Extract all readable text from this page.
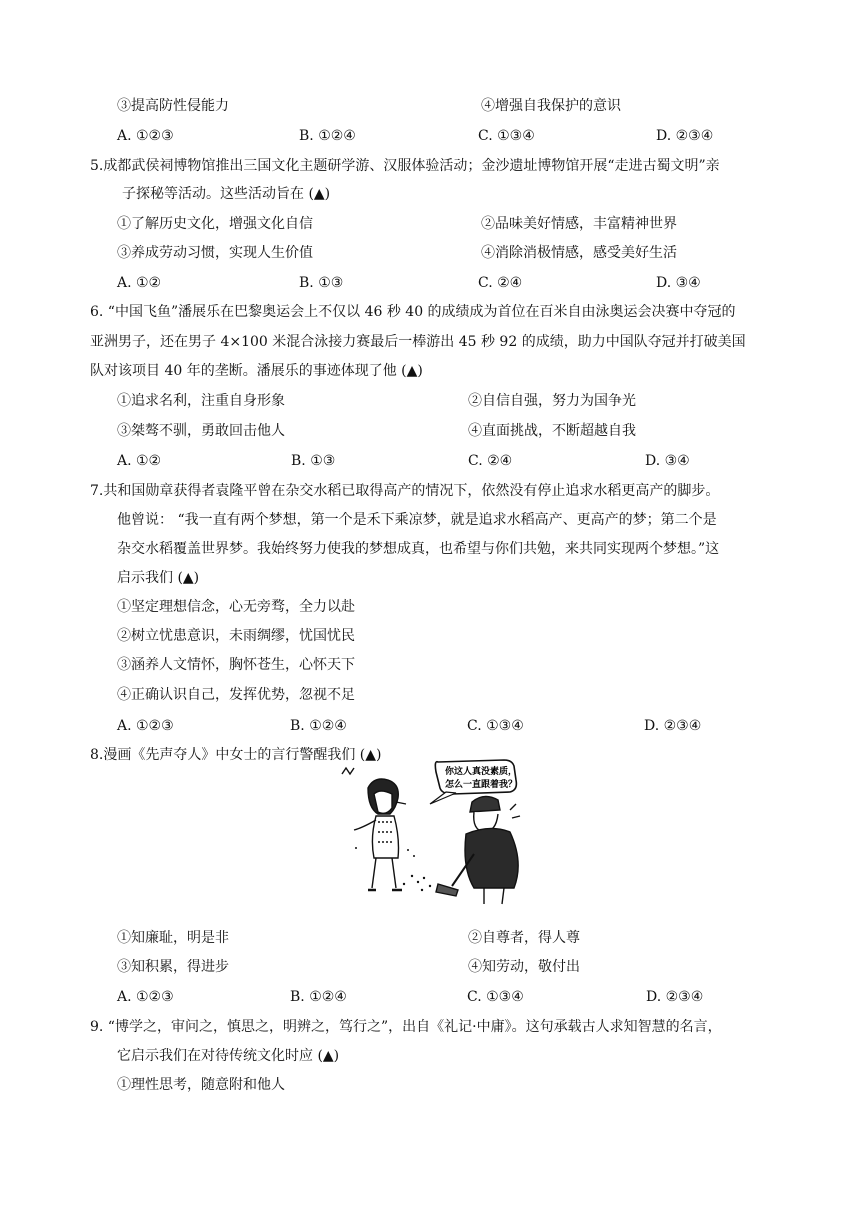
③提高防性侵能力	④增强自我保护的意识
A. ①②③	B. ①②④	C. ①③④	D. ②③④
5.成都武侯祠博物馆推出三国文化主题研学游、汉服体验活动；金沙遗址博物馆开展“走进古蜀文明”亲
子探秘等活动。这些活动旨在 (▲)
①了解历史文化，增强文化自信	②品味美好情感，丰富精神世界
③养成劳动习惯，实现人生价值	④消除消极情感，感受美好生活
A. ①②	B. ①③	C. ②④	D. ③④
6. “中国飞鱼”潘展乐在巴黎奥运会上不仅以 46 秒 40 的成绩成为首位在百米自由泳奥运会决赛中夺冠的
亚洲男子，还在男子 4×100 米混合泳接力赛最后一棒游出 45 秒 92 的成绩，助力中国队夺冠并打破美国
队对该项目 40 年的垄断。潘展乐的事迹体现了他 (▲)
①追求名利，注重自身形象	②自信自强，努力为国争光
③桀骜不驯，勇敢回击他人	④直面挑战，不断超越自我
A. ①②	B. ①③	C. ②④	D. ③④
7.共和国勋章获得者袁隆平曾在杂交水稻已取得高产的情况下，依然没有停止追求水稻更高产的脚步。
他曾说： “我一直有两个梦想，第一个是禾下乘凉梦，就是追求水稻高产、更高产的梦；第二个是
杂交水稻覆盖世界梦。我始终努力使我的梦想成真，也希望与你们共勉，来共同实现两个梦想。”这
启示我们 (▲)
①坚定理想信念，心无旁骛，全力以赴
②树立忧患意识，未雨绸缪，忧国忧民
③涵养人文情怀，胸怀苍生，心怀天下
④正确认识自己，发挥优势，忽视不足
A. ①②③	B. ①②④	C. ①③④	D. ②③④
8.漫画《先声夺人》中女士的言行警醒我们 (▲)
你这人真没素质，
怎么一直跟着我？
①知廉耻，明是非	②自尊者，得人尊
③知积累，得进步	④知劳动，敬付出
A. ①②③	B. ①②④	C. ①③④	D. ②③④
9. “博学之，审问之，慎思之，明辨之，笃行之”，出自《礼记·中庸》。这句承载古人求知智慧的名言，
它启示我们在对待传统文化时应 (▲)
①理性思考，随意附和他人
